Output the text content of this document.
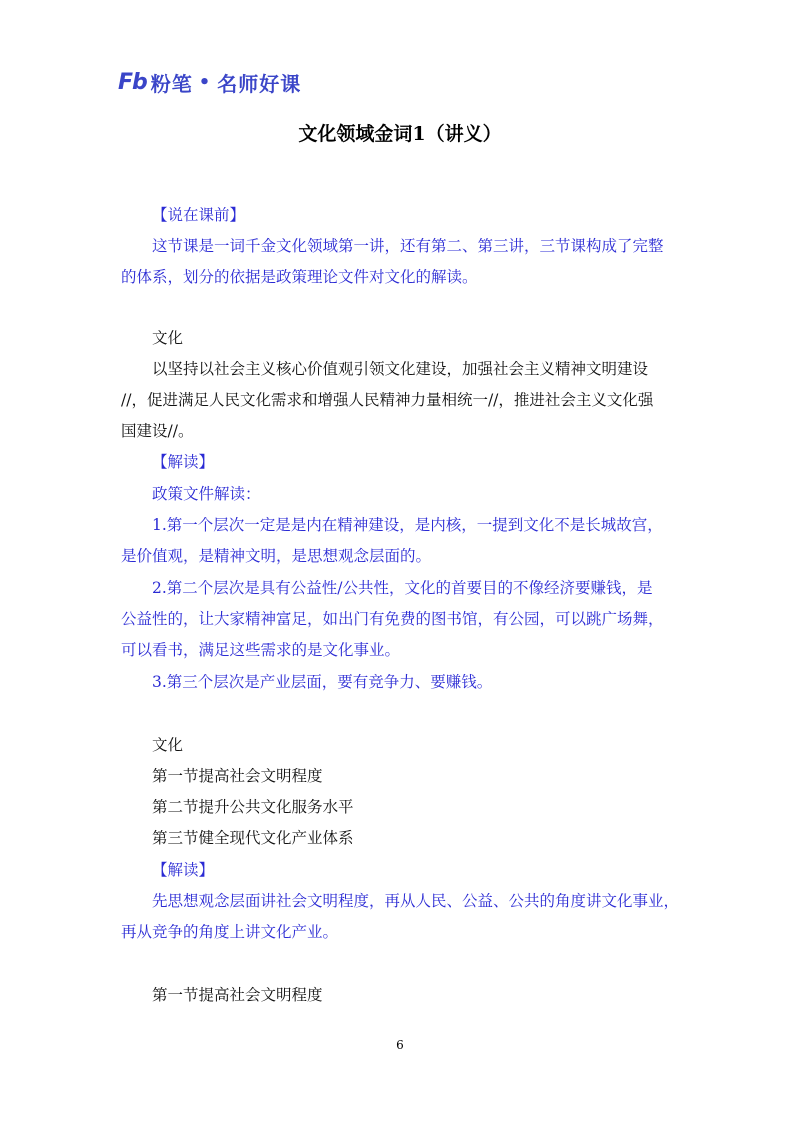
Fb 粉笔 • 名师好课
文化领域金词1（讲义）
【说在课前】
这节课是一词千金文化领域第一讲，还有第二、第三讲，三节课构成了完整
的体系，划分的依据是政策理论文件对文化的解读。
文化
以坚持以社会主义核心价值观引领文化建设，加强社会主义精神文明建设
//，促进满足人民文化需求和增强人民精神力量相统一//，推进社会主义文化强
国建设//。
【解读】
政策文件解读：
1.第一个层次一定是是内在精神建设，是内核，一提到文化不是长城故宫，
是价值观，是精神文明，是思想观念层面的。
2.第二个层次是具有公益性/公共性，文化的首要目的不像经济要赚钱，是
公益性的，让大家精神富足，如出门有免费的图书馆，有公园，可以跳广场舞，
可以看书，满足这些需求的是文化事业。
3.第三个层次是产业层面，要有竞争力、要赚钱。
文化
第一节提高社会文明程度
第二节提升公共文化服务水平
第三节健全现代文化产业体系
【解读】
先思想观念层面讲社会文明程度，再从人民、公益、公共的角度讲文化事业，
再从竞争的角度上讲文化产业。
第一节提高社会文明程度
6
